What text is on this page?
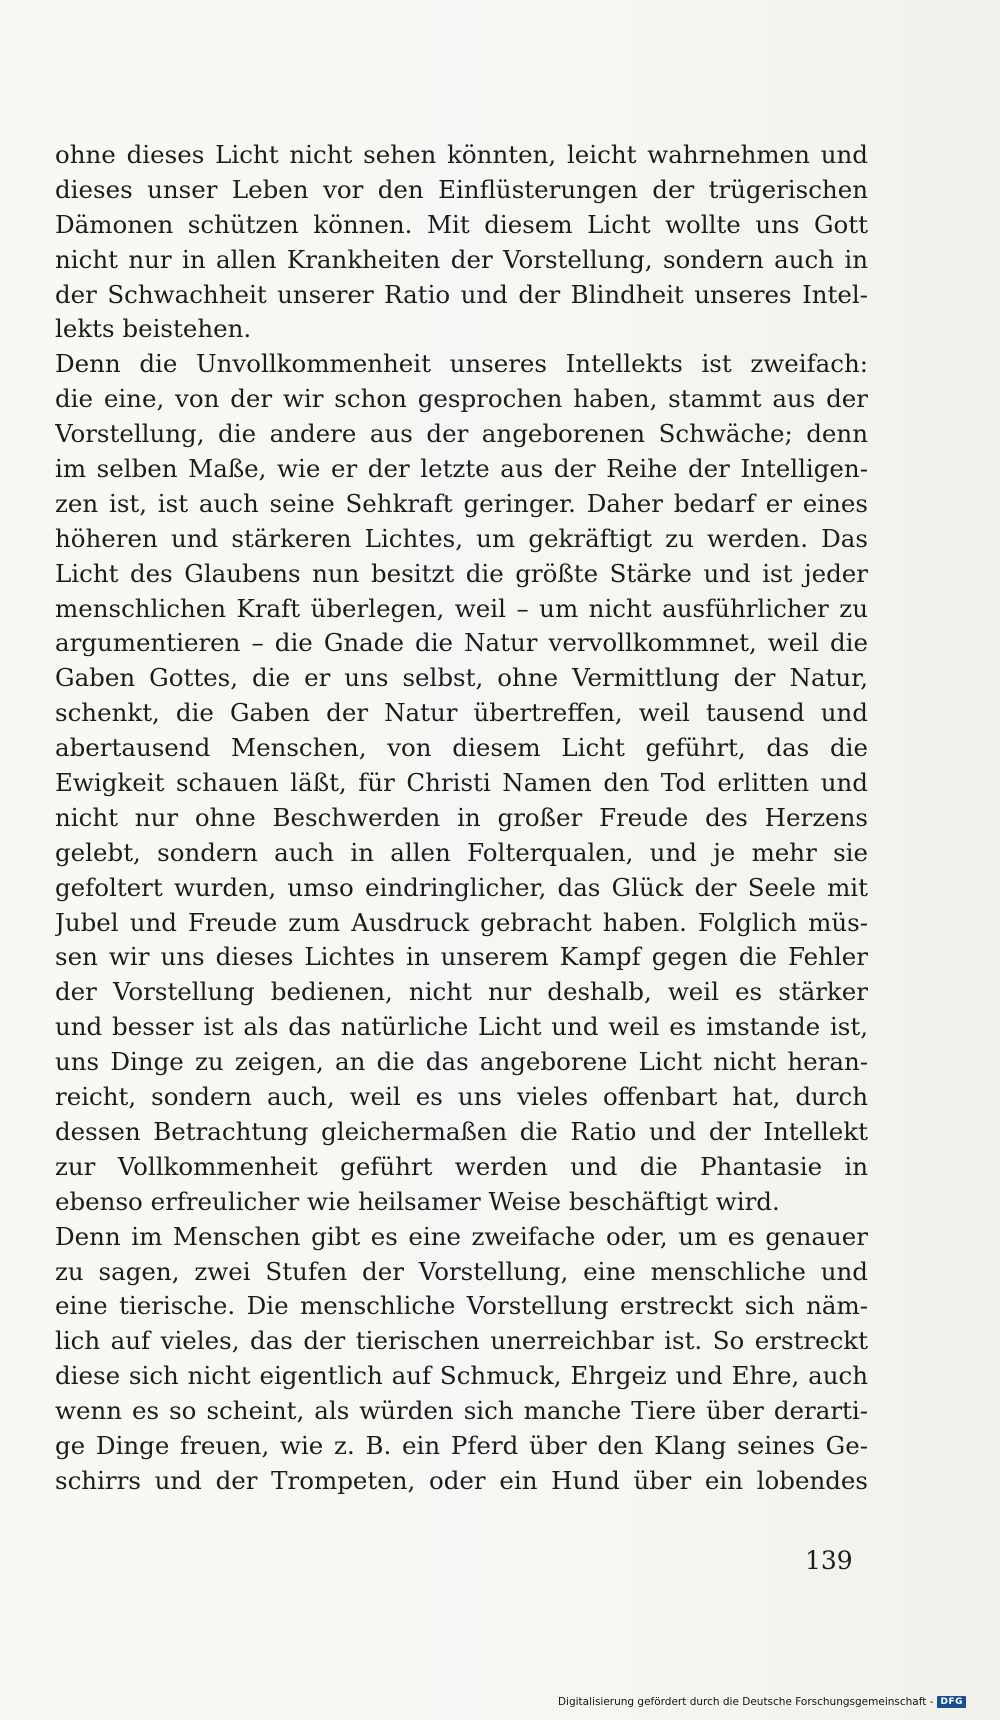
ohne dieses Licht nicht sehen könnten, leicht wahrnehmen und
dieses unser Leben vor den Einflüsterungen der trügerischen
Dämonen schützen können. Mit diesem Licht wollte uns Gott
nicht nur in allen Krankheiten der Vorstellung, sondern auch in
der Schwachheit unserer Ratio und der Blindheit unseres Intel-
lekts beistehen.
Denn die Unvollkommenheit unseres Intellekts ist zweifach:
die eine, von der wir schon gesprochen haben, stammt aus der
Vorstellung, die andere aus der angeborenen Schwäche; denn
im selben Maße, wie er der letzte aus der Reihe der Intelligen-
zen ist, ist auch seine Sehkraft geringer. Daher bedarf er eines
höheren und stärkeren Lichtes, um gekräftigt zu werden. Das
Licht des Glaubens nun besitzt die größte Stärke und ist jeder
menschlichen Kraft überlegen, weil – um nicht ausführlicher zu
argumentieren – die Gnade die Natur vervollkommnet, weil die
Gaben Gottes, die er uns selbst, ohne Vermittlung der Natur,
schenkt, die Gaben der Natur übertreffen, weil tausend und
abertausend Menschen, von diesem Licht geführt, das die
Ewigkeit schauen läßt, für Christi Namen den Tod erlitten und
nicht nur ohne Beschwerden in großer Freude des Herzens
gelebt, sondern auch in allen Folterqualen, und je mehr sie
gefoltert wurden, umso eindringlicher, das Glück der Seele mit
Jubel und Freude zum Ausdruck gebracht haben. Folglich müs-
sen wir uns dieses Lichtes in unserem Kampf gegen die Fehler
der Vorstellung bedienen, nicht nur deshalb, weil es stärker
und besser ist als das natürliche Licht und weil es imstande ist,
uns Dinge zu zeigen, an die das angeborene Licht nicht heran-
reicht, sondern auch, weil es uns vieles offenbart hat, durch
dessen Betrachtung gleichermaßen die Ratio und der Intellekt
zur Vollkommenheit geführt werden und die Phantasie in
ebenso erfreulicher wie heilsamer Weise beschäftigt wird.
Denn im Menschen gibt es eine zweifache oder, um es genauer
zu sagen, zwei Stufen der Vorstellung, eine menschliche und
eine tierische. Die menschliche Vorstellung erstreckt sich näm-
lich auf vieles, das der tierischen unerreichbar ist. So erstreckt
diese sich nicht eigentlich auf Schmuck, Ehrgeiz und Ehre, auch
wenn es so scheint, als würden sich manche Tiere über derarti-
ge Dinge freuen, wie z. B. ein Pferd über den Klang seines Ge-
schirrs und der Trompeten, oder ein Hund über ein lobendes
139
Digitalisierung gefördert durch die Deutsche Forschungsgemeinschaft - DFG
